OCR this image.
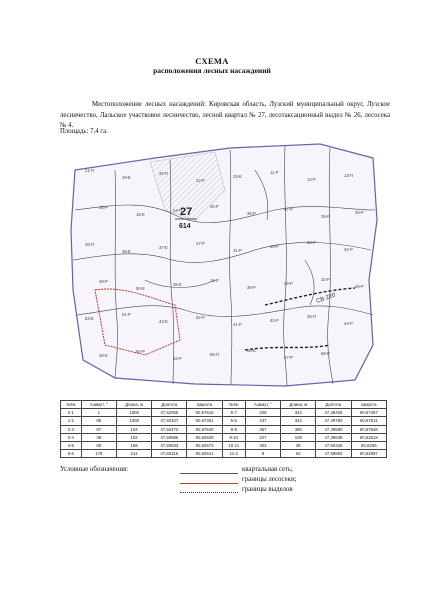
СХЕМА
расположения лесных насаждений
Местоположение лесных насаждений: Кировская область, Лузский муниципальный округ, Лузское лесничество, Лальское участковое лесничество, лесной квартал № 27, лесотаксационный выдел № 26, лесосека № 4.
Площадь: 7,4 га.
27
614
СВ 220
21-П
19-Е
20-П
22-Р
23-Е
11-Р
12-Р
13-П
35-Р
18-Е
24-П
25-Р
36-Р
47-Р
29-Р
30-Р
26-П
38-Е
37-Е
27-Р
31-Р
48-Р
33-Р
34-Р
49-Р
50-Е
35-Е
13-Р
39-Р
28-Р
32-Р
40-Р
53-Е
51-Р
43-Е
52-Р
41-Р
42-Р
45-П
44-Р
46-Е
64-Р
63-Р
55-П
56-Е
57-Р
58-Р
№№	Азимут, °	Длина, м	Долгота	Широта	№№	Азимут, °	Длина, м	Долгота	Широта
0-1	1	1806	47,52055	60,67616	6-7	205	343	47,48405	60,67457
1-2	85	1308	47,50107	60,67301	5-6	247	343	47,49780	60,67511
2-3	67	104	47,50472	60,67640	8-9	357	390	47,49590	60,67546
3-4	38	102	47,50986	60,62629	9-10	227	108	47,39638	60,62615
4-5	89	168	47,50633	60,62673	10-11	303	36	47,50325	60,6256
5-6	179	211	47,60316	60,62641	11-2	8	62	47,58862	60,62597
Условные обозначения:	квартальная сеть;
границы лесосеки;
границы выделов
